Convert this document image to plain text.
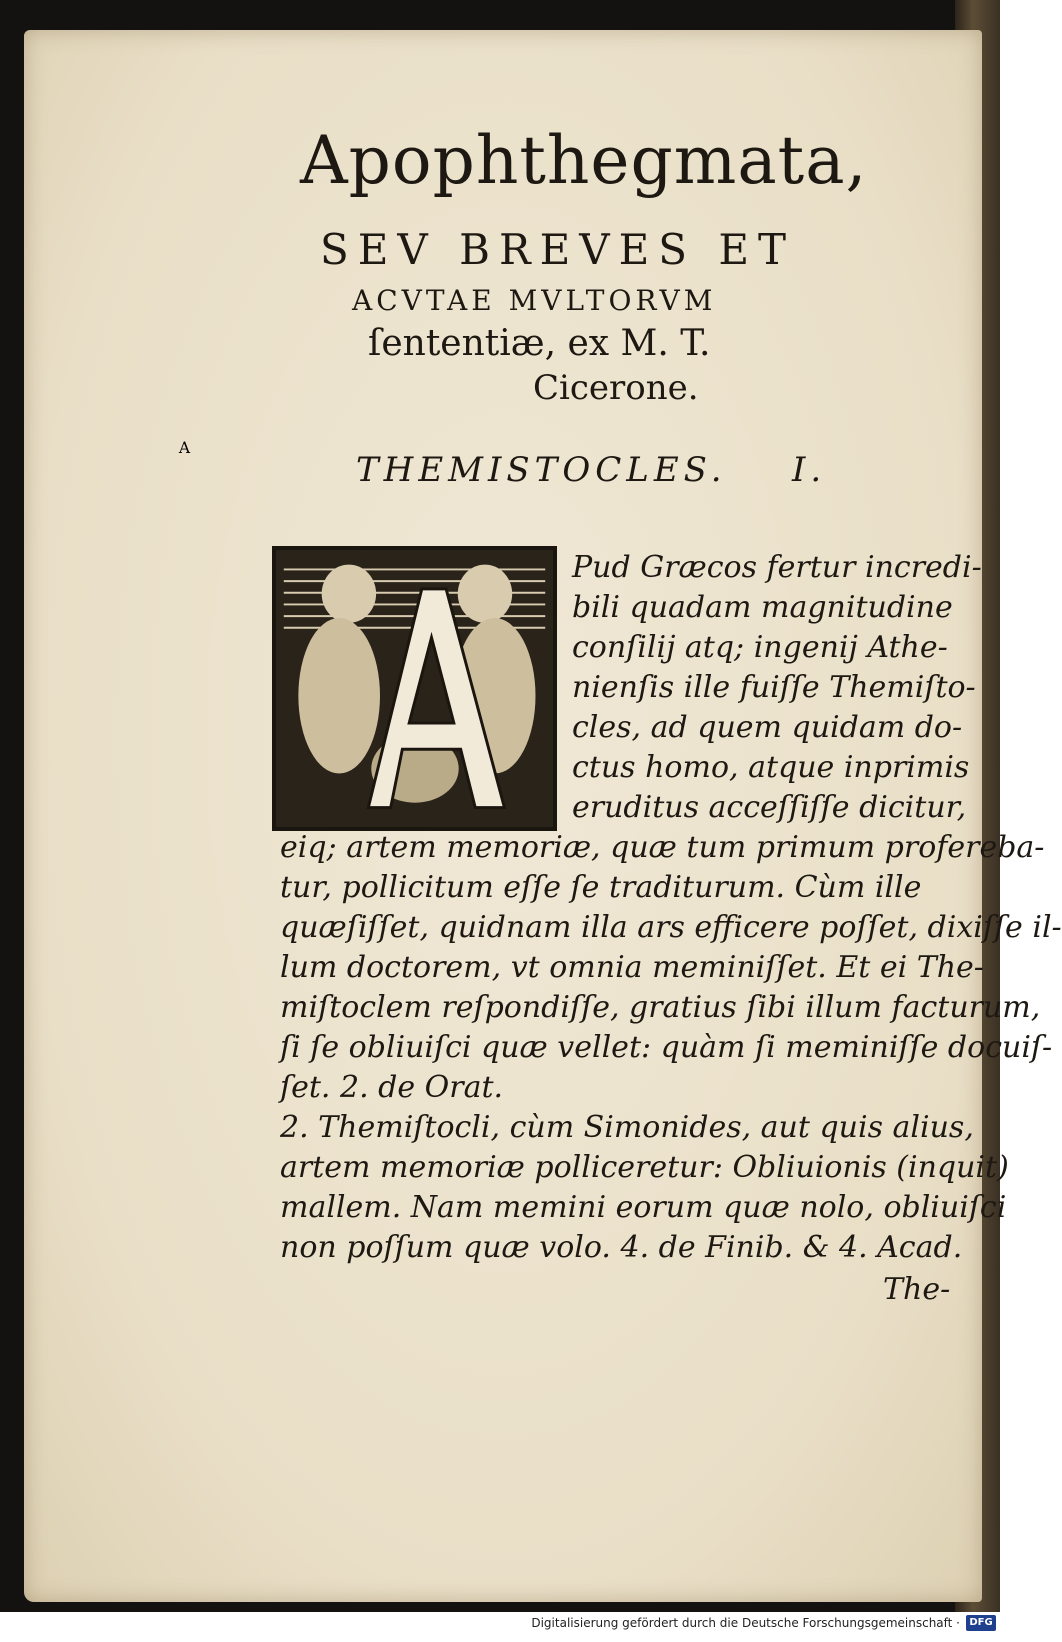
Apophthegmata,
SEV BREVES ET
ACVTAE MVLTORVM
ſententiæ, ex M. T.
Cicerone.
THEMISTOCLES. I.
A
Pud Græcos fertur incredi-
bili quadam magnitudine
conſilij atq; ingenij Athe-
nienſis ille fuiſſe Themiſto-
cles, ad quem quidam do-
ctus homo, atque inprimis
eruditus acceſſiſſe dicitur,
eiq; artem memoriæ, quæ tum primum proferebа-
tur, pollicitum eſſe ſe traditurum. Cùm ille
quæſiſſet, quidnam illa ars efficere poſſet, dixiſſe il-
lum doctorem, vt omnia meminiſſet. Et ei The-
miſtoclem reſpondiſſe, gratius ſibi illum facturum,
ſi ſe obliuiſci quæ vellet: quàm ſi meminiſſe docuiſ-
ſet. 2. de Orat.
2. Themiſtocli, cùm Simonides, aut quis alius,
artem memoriæ polliceretur: Obliuionis (inquit)
mallem. Nam memini eorum quæ nolo, obliuiſci
non poſſum quæ volo. 4. de Finib. & 4. Acad.
The-
Digitalisierung gefördert durch die Deutsche Forschungsgemeinschaft · DFG
